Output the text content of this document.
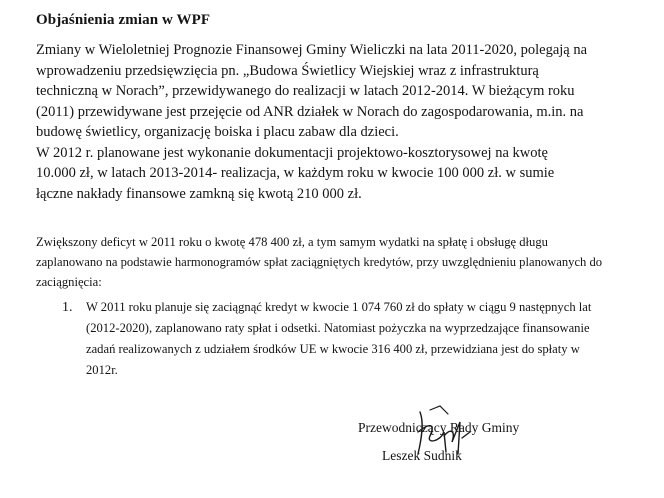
Objaśnienia zmian w WPF

Zmiany w Wieloletniej Prognozie Finansowej Gminy Wieliczki na lata 2011-2020, polegają na

wprowadzeniu przedsięwzięcia pn. „Budowa Świetlicy Wiejskiej wraz z infrastrukturą

techniczną w Norach”, przewidywanego do realizacji w latach 2012-2014. W bieżącym roku

(2011) przewidywane jest przejęcie od ANR działek w Norach do zagospodarowania, m.in. na

budowę świetlicy, organizację boiska i placu zabaw dla dzieci.

W 2012 r. planowane jest wykonanie dokumentacji projektowo-kosztorysowej na kwotę

10.000 zł, w latach 2013-2014- realizacja, w każdym roku w kwocie 100 000 zł. w sumie

łączne nakłady finansowe zamkną się kwotą 210 000 zł.

Zwiększony deficyt w 2011 roku o kwotę 478 400 zł, a tym samym wydatki na spłatę i obsługę długu
zaplanowano na podstawie harmonogramów spłat zaciągniętych kredytów, przy uwzględnieniu planowanych do
zaciągnięcia:
1. W 2011 roku planuje się zaciągnąć kredyt w kwocie 1 074 760 zł do spłaty w ciągu 9 następnych lat
(2012-2020), zaplanowano raty spłat i odsetki. Natomiast pożyczka na wyprzedzające finansowanie
zadań realizowanych z udziałem środków UE w kwocie 316 400 zł, przewidziana jest do spłaty w
2012r.
Przewodniczący Rady Gminy
Leszek Sudnik
